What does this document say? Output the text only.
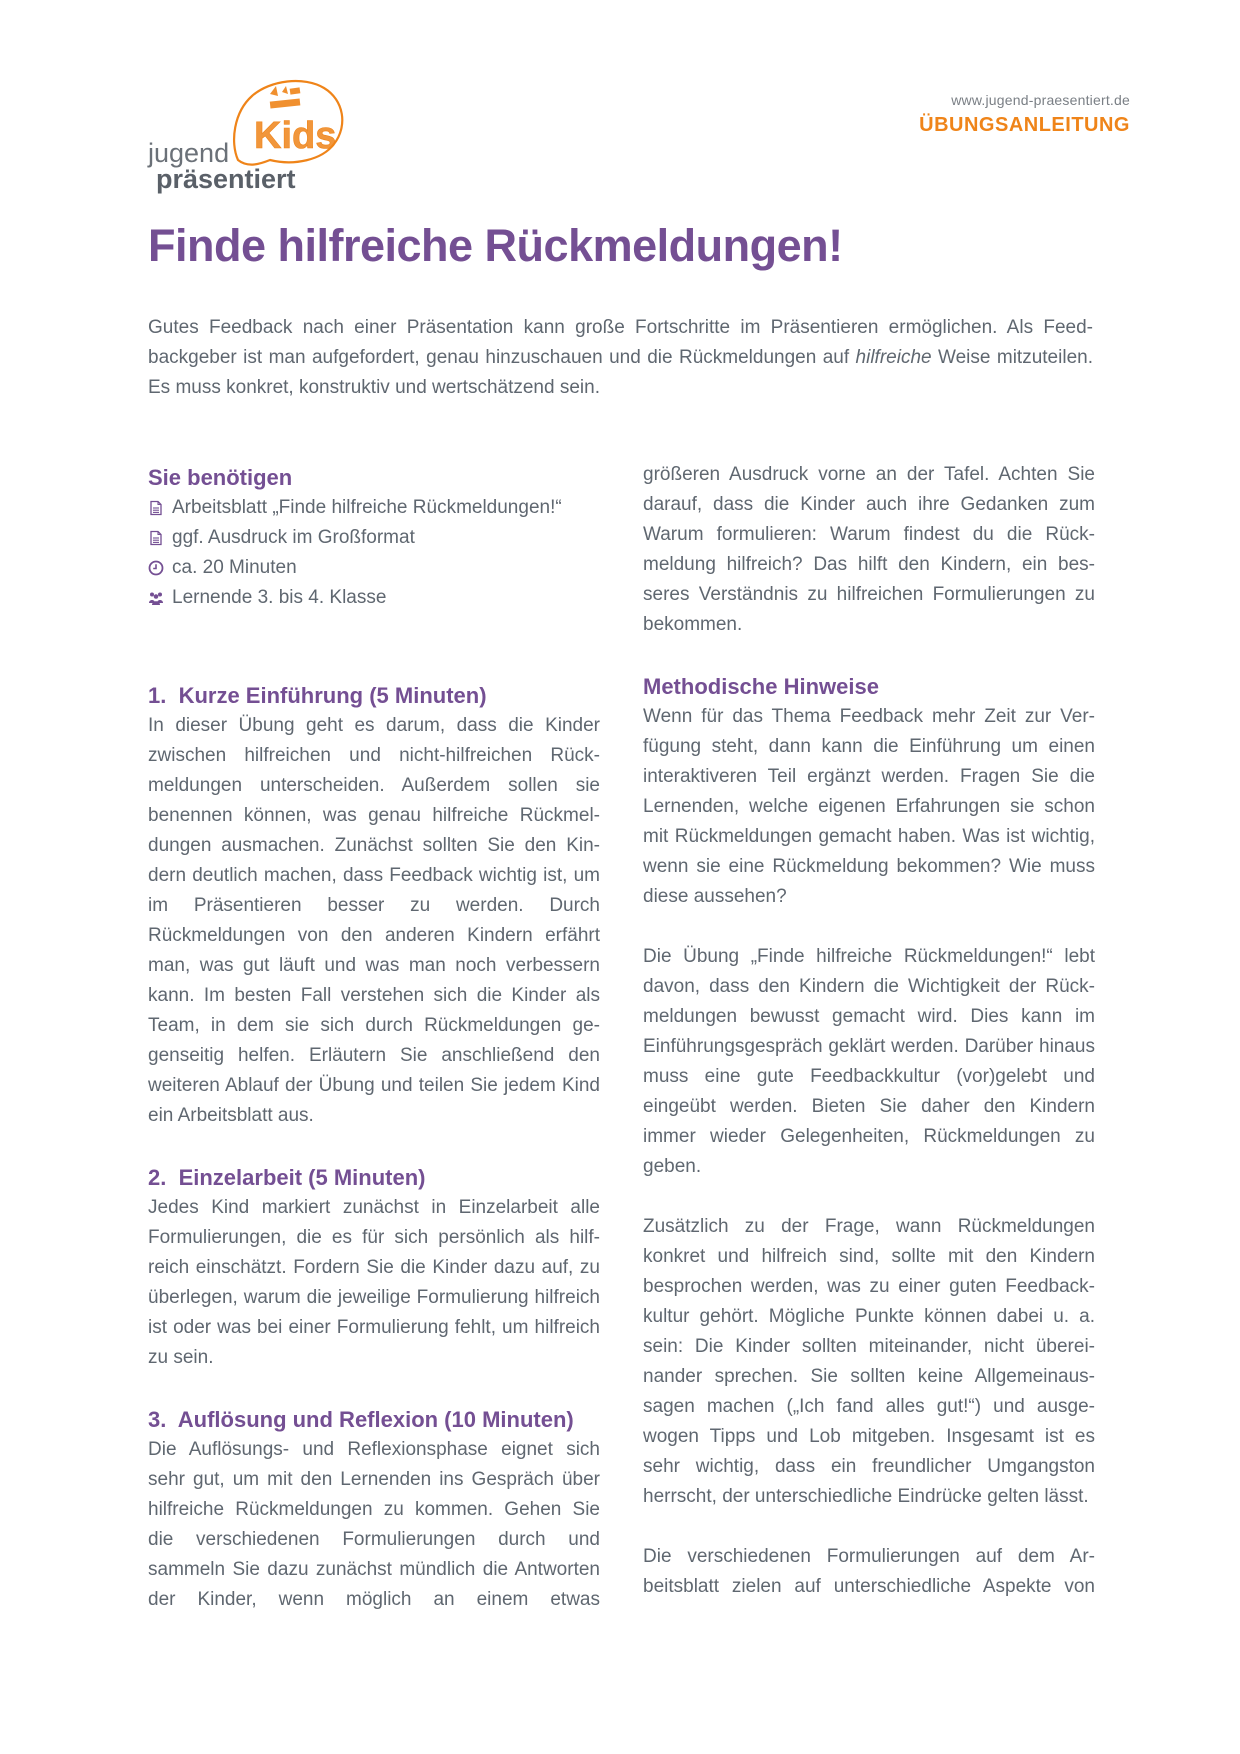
Kids
jugend
präsentiert
www.jugend-praesentiert.de
ÜBUNGSANLEITUNG
Finde hilfreiche Rückmeldungen!

Gutes Feedback nach einer Präsentation kann große Fortschritte im Präsentieren ermöglichen. Als Feedbackgeber ist man aufgefordert, genau hinzuschauen und die Rückmeldungen auf hilfreiche Weise mitzuteilen. Es muss konkret, konstruktiv und wertschätzend sein.

Sie benötigen
Arbeitsblatt „Finde hilfreiche Rückmeldungen!“
ggf. Ausdruck im Großformat
ca. 20 Minuten
Lernende 3. bis 4. Klasse
1.  Kurze Einführung (5 Minuten)

In dieser Übung geht es darum, dass die Kinder zwischen hilfreichen und nicht-hilfreichen Rückmeldungen unterscheiden. Außerdem sollen sie benennen können, was genau hilfreiche Rückmeldungen ausmachen. Zunächst sollten Sie den Kindern deutlich machen, dass Feedback wichtig ist, um im Präsentieren besser zu werden. Durch Rückmeldungen von den anderen Kindern erfährt man, was gut läuft und was man noch verbessern kann. Im besten Fall verstehen sich die Kinder als Team, in dem sie sich durch Rückmeldungen gegenseitig helfen. Erläutern Sie anschließend den weiteren Ablauf der Übung und teilen Sie jedem Kind ein Arbeitsblatt aus.

2.  Einzelarbeit (5 Minuten)

Jedes Kind markiert zunächst in Einzelarbeit alle Formulierungen, die es für sich persönlich als hilfreich einschätzt. Fordern Sie die Kinder dazu auf, zu überlegen, warum die jeweilige Formulierung hilfreich ist oder was bei einer Formulierung fehlt, um hilfreich zu sein.

3.  Auflösung und Reflexion (10 Minuten)

Die Auflösungs- und Reflexionsphase eignet sich sehr gut, um mit den Lernenden ins Gespräch über hilfreiche Rückmeldungen zu kommen. Gehen Sie die verschiedenen Formulierungen durch und sammeln Sie dazu zunächst mündlich die Antworten der Kinder, wenn möglich an einem etwas

größeren Ausdruck vorne an der Tafel. Achten Sie darauf, dass die Kinder auch ihre Gedanken zum Warum formulieren: Warum findest du die Rückmeldung hilfreich? Das hilft den Kindern, ein besseres Verständnis zu hilfreichen Formulierungen zu bekommen.

Methodische Hinweise

Wenn für das Thema Feedback mehr Zeit zur Verfügung steht, dann kann die Einführung um einen interaktiveren Teil ergänzt werden. Fragen Sie die Lernenden, welche eigenen Erfahrungen sie schon mit Rückmeldungen gemacht haben. Was ist wichtig, wenn sie eine Rückmeldung bekommen? Wie muss diese aussehen?

Die Übung „Finde hilfreiche Rückmeldungen!“ lebt davon, dass den Kindern die Wichtigkeit der Rückmeldungen bewusst gemacht wird. Dies kann im Einführungsgespräch geklärt werden. Darüber hinaus muss eine gute Feedbackkultur (vor)gelebt und eingeübt werden. Bieten Sie daher den Kindern immer wieder Gelegenheiten, Rückmeldungen zu geben.

Zusätzlich zu der Frage, wann Rückmeldungen konkret und hilfreich sind, sollte mit den Kindern besprochen werden, was zu einer guten Feedbackkultur gehört. Mögliche Punkte können dabei u. a. sein: Die Kinder sollten miteinander, nicht übereinander sprechen. Sie sollten keine Allgemeinaussagen machen („Ich fand alles gut!“) und ausgewogen Tipps und Lob mitgeben. Insgesamt ist es sehr wichtig, dass ein freundlicher Umgangston herrscht, der unterschiedliche Eindrücke gelten lässt.

Die verschiedenen Formulierungen auf dem Arbeitsblatt zielen auf unterschiedliche Aspekte von
